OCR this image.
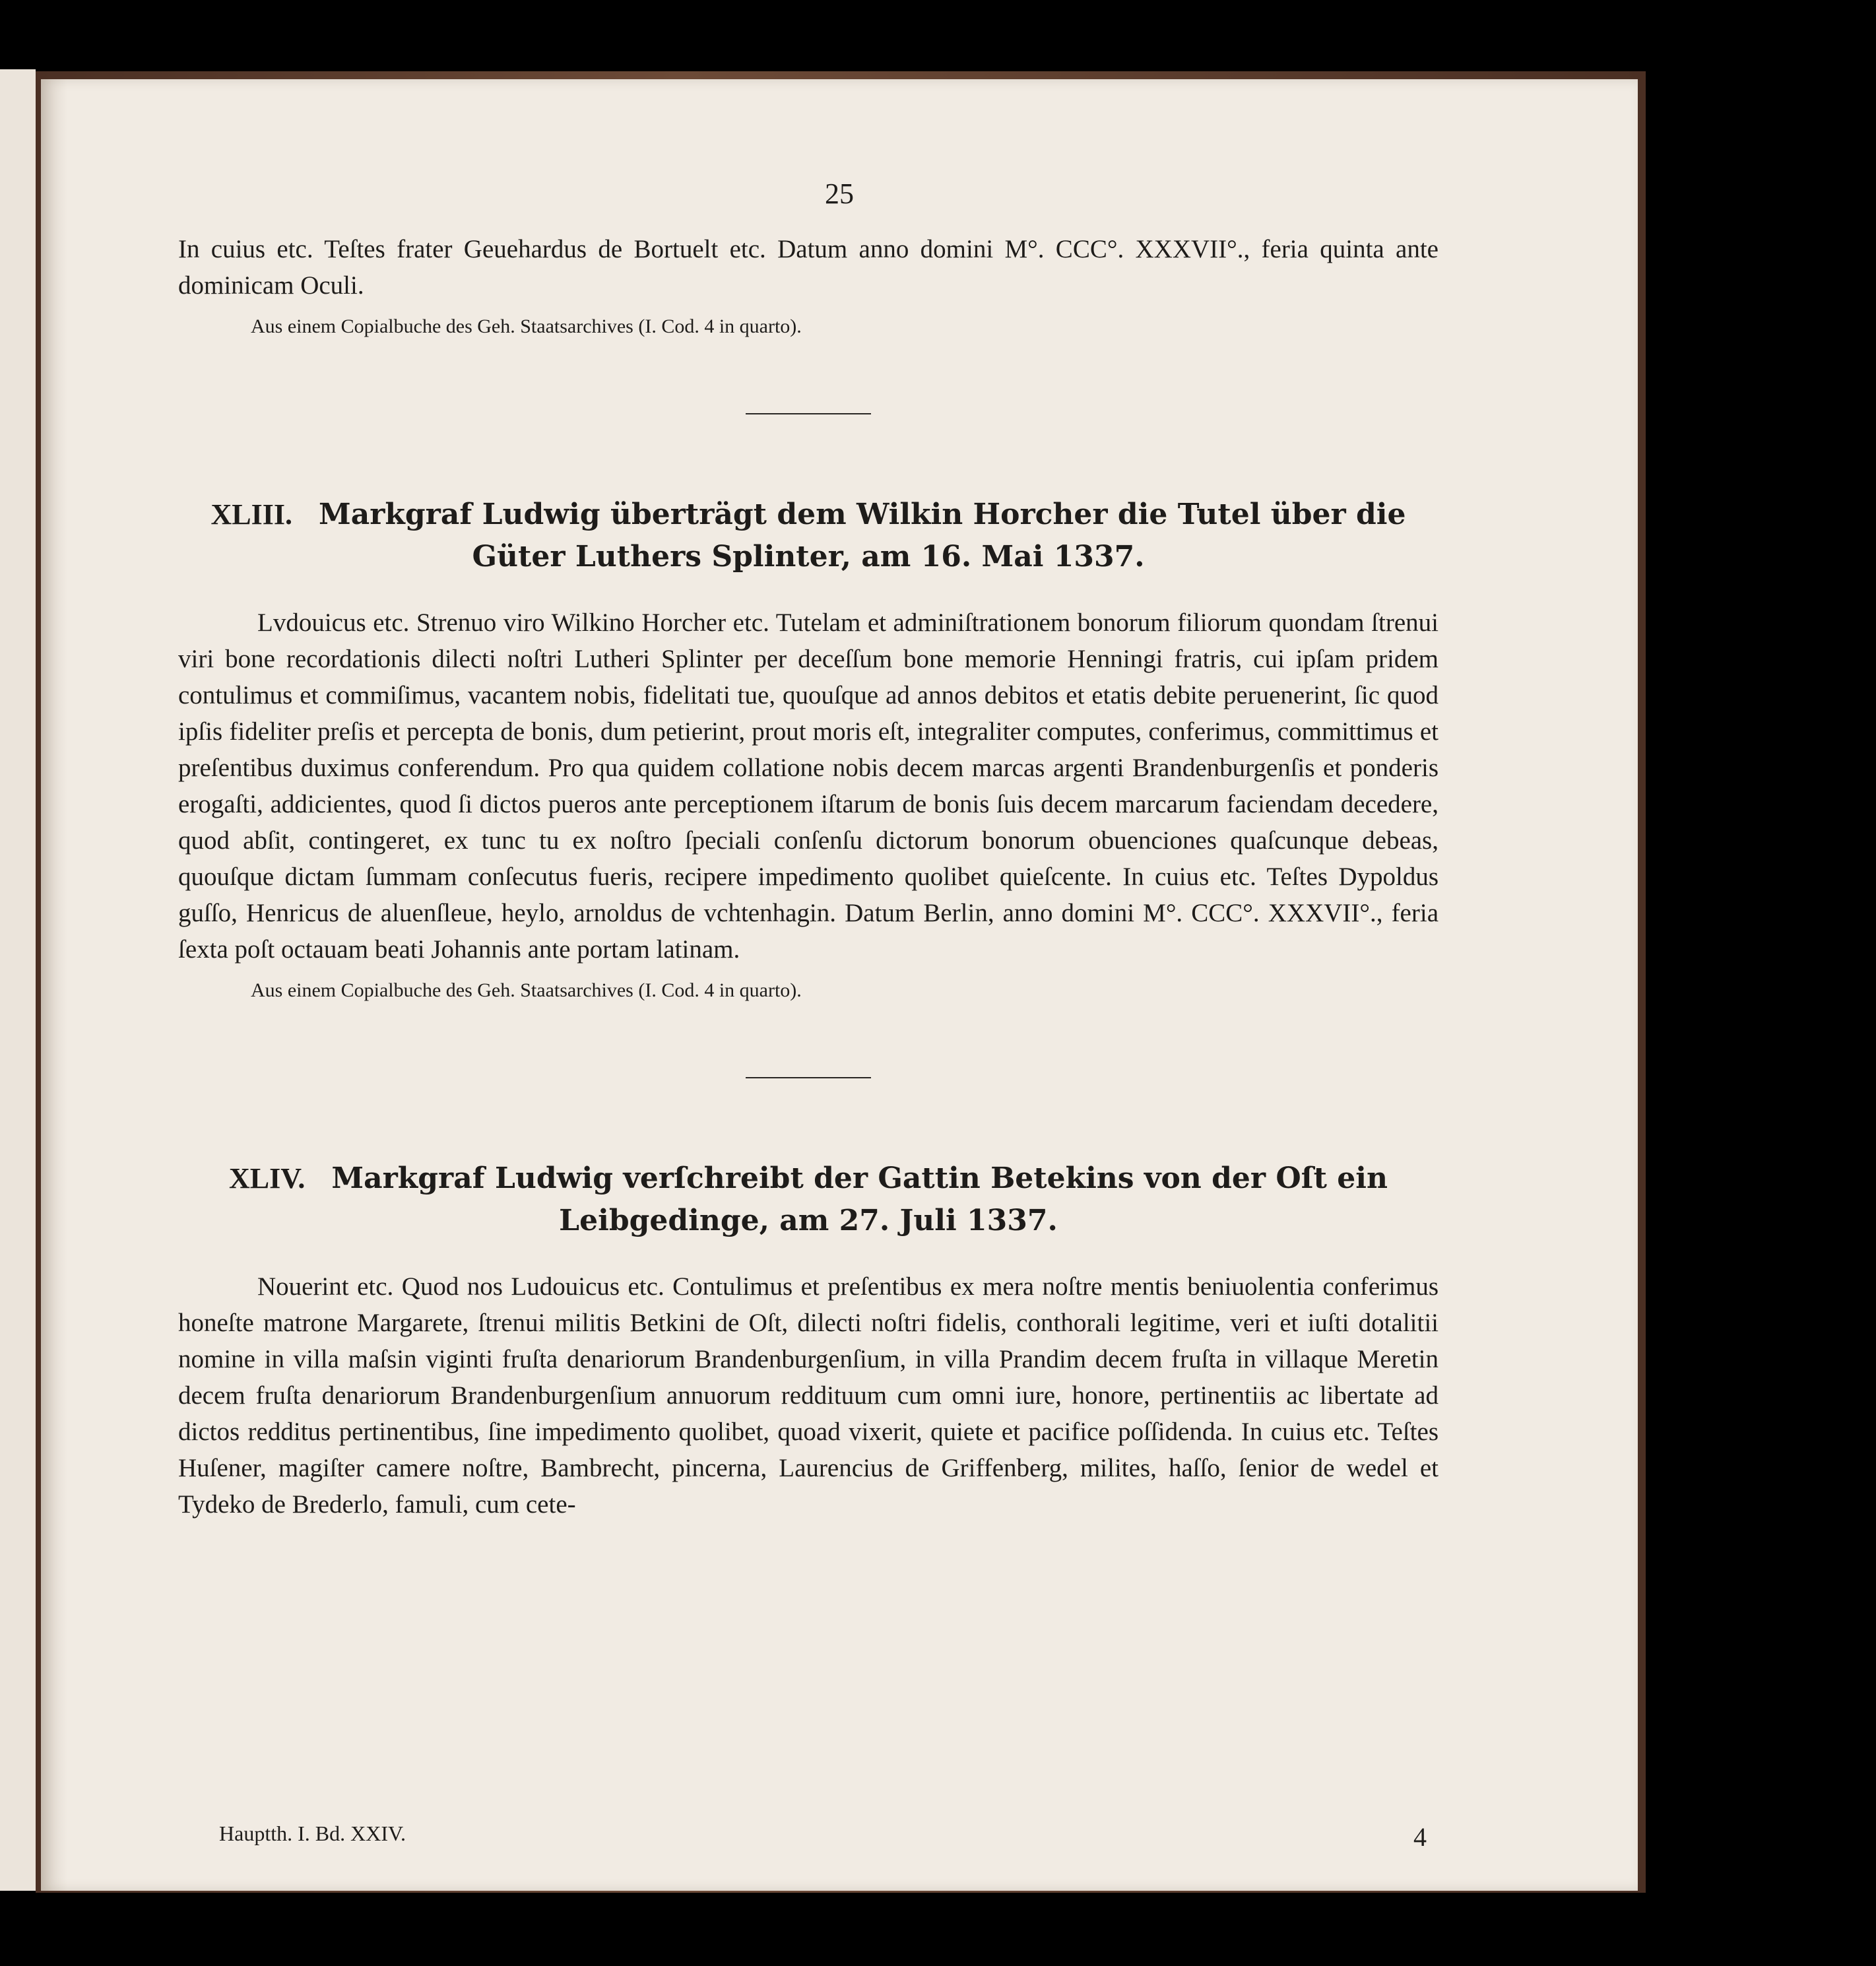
25

In cuius etc. Teſtes frater Geuehardus de Bortuelt etc. Datum anno domini M°. CCC°. XXXVII°., feria quinta ante dominicam Oculi.

Aus einem Copialbuche des Geh. Staatsarchives (I. Cod. 4 in quarto).

XLIII. Markgraf Ludwig überträgt dem Wilkin Horcher die Tutel über die Güter Luthers Splinter, am 16. Mai 1337.

Lvdouicus etc. Strenuo viro Wilkino Horcher etc. Tutelam et adminiſtrationem bonorum filiorum quondam ſtrenui viri bone recordationis dilecti noſtri Lutheri Splinter per deceſſum bone memorie Henningi fratris, cui ipſam pridem contulimus et commiſimus, vacantem nobis, fidelitati tue, quouſque ad annos debitos et etatis debite peruenerint, ſic quod ipſis fideliter preſis et percepta de bonis, dum petierint, prout moris eſt, integraliter computes, conferimus, committimus et preſentibus duximus conferendum. Pro qua quidem collatione nobis decem marcas argenti Brandenburgenſis et ponderis erogaſti, addicientes, quod ſi dictos pueros ante perceptionem iſtarum de bonis ſuis decem marcarum faciendam decedere, quod abſit, contingeret, ex tunc tu ex noſtro ſpeciali conſenſu dictorum bonorum obuenciones quaſcunque debeas, quouſque dictam ſummam conſecutus fueris, recipere impedimento quolibet quieſcente. In cuius etc. Teſtes Dypoldus guſſo, Henricus de aluenſleue, heylo, arnoldus de vchtenhagin. Datum Berlin, anno domini M°. CCC°. XXXVII°., feria ſexta poſt octauam beati Johannis ante portam latinam.

Aus einem Copialbuche des Geh. Staatsarchives (I. Cod. 4 in quarto).

XLIV. Markgraf Ludwig verſchreibt der Gattin Betekins von der Oſt ein Leibgedinge, am 27. Juli 1337.

Nouerint etc. Quod nos Ludouicus etc. Contulimus et preſentibus ex mera noſtre mentis beniuolentia conferimus honeſte matrone Margarete, ſtrenui militis Betkini de Oſt, dilecti noſtri fidelis, conthorali legitime, veri et iuſti dotalitii nomine in villa maſsin viginti fruſta denariorum Brandenburgenſium, in villa Prandim decem fruſta in villaque Meretin decem fruſta denariorum Brandenburgenſium annuorum reddituum cum omni iure, honore, pertinentiis ac libertate ad dictos redditus pertinentibus, ſine impedimento quolibet, quoad vixerit, quiete et pacifice poſſidenda. In cuius etc. Teſtes Huſener, magiſter camere noſtre, Bambrecht, pincerna, Laurencius de Griffenberg, milites, haſſo, ſenior de wedel et Tydeko de Brederlo, famuli, cum cete-

Hauptth. I. Bd. XXIV.	4
